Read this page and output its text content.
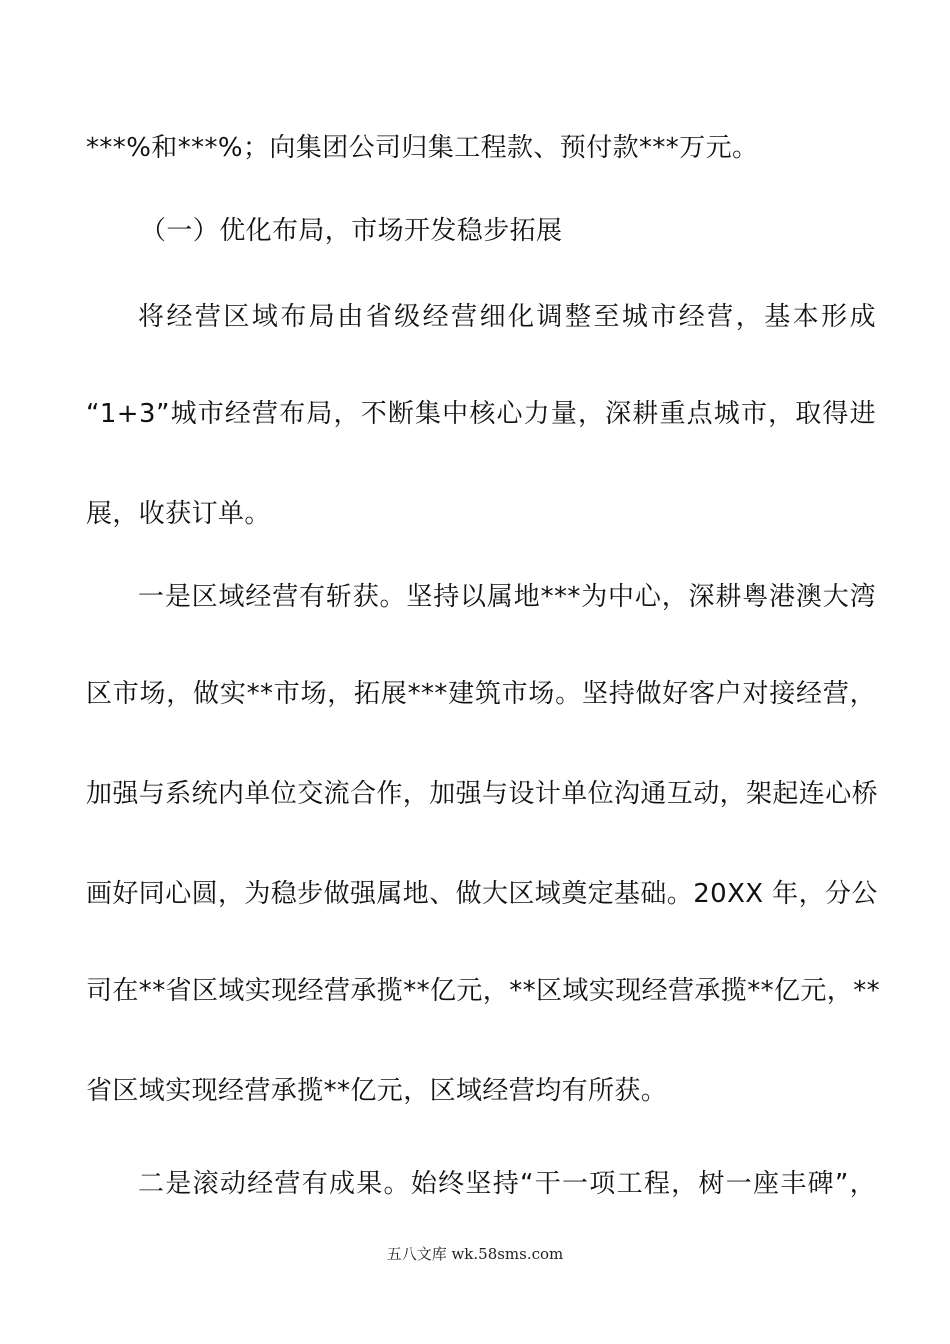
***%和***%；向集团公司归集工程款、预付款***万元。
（一）优化布局，市场开发稳步拓展
将经营区域布局由省级经营细化调整至城市经营，基本形成
“1+3”城市经营布局，不断集中核心力量，深耕重点城市，取得进
展，收获订单。
一是区域经营有斩获。坚持以属地***为中心，深耕粤港澳大湾
区市场，做实**市场，拓展***建筑市场。坚持做好客户对接经营，
加强与系统内单位交流合作，加强与设计单位沟通互动，架起连心桥
画好同心圆，为稳步做强属地、做大区域奠定基础。20XX 年，分公
司在**省区域实现经营承揽**亿元，**区域实现经营承揽**亿元，**
省区域实现经营承揽**亿元，区域经营均有所获。
二是滚动经营有成果。始终坚持“干一项工程，树一座丰碑”，
五八文库 wk.58sms.com
